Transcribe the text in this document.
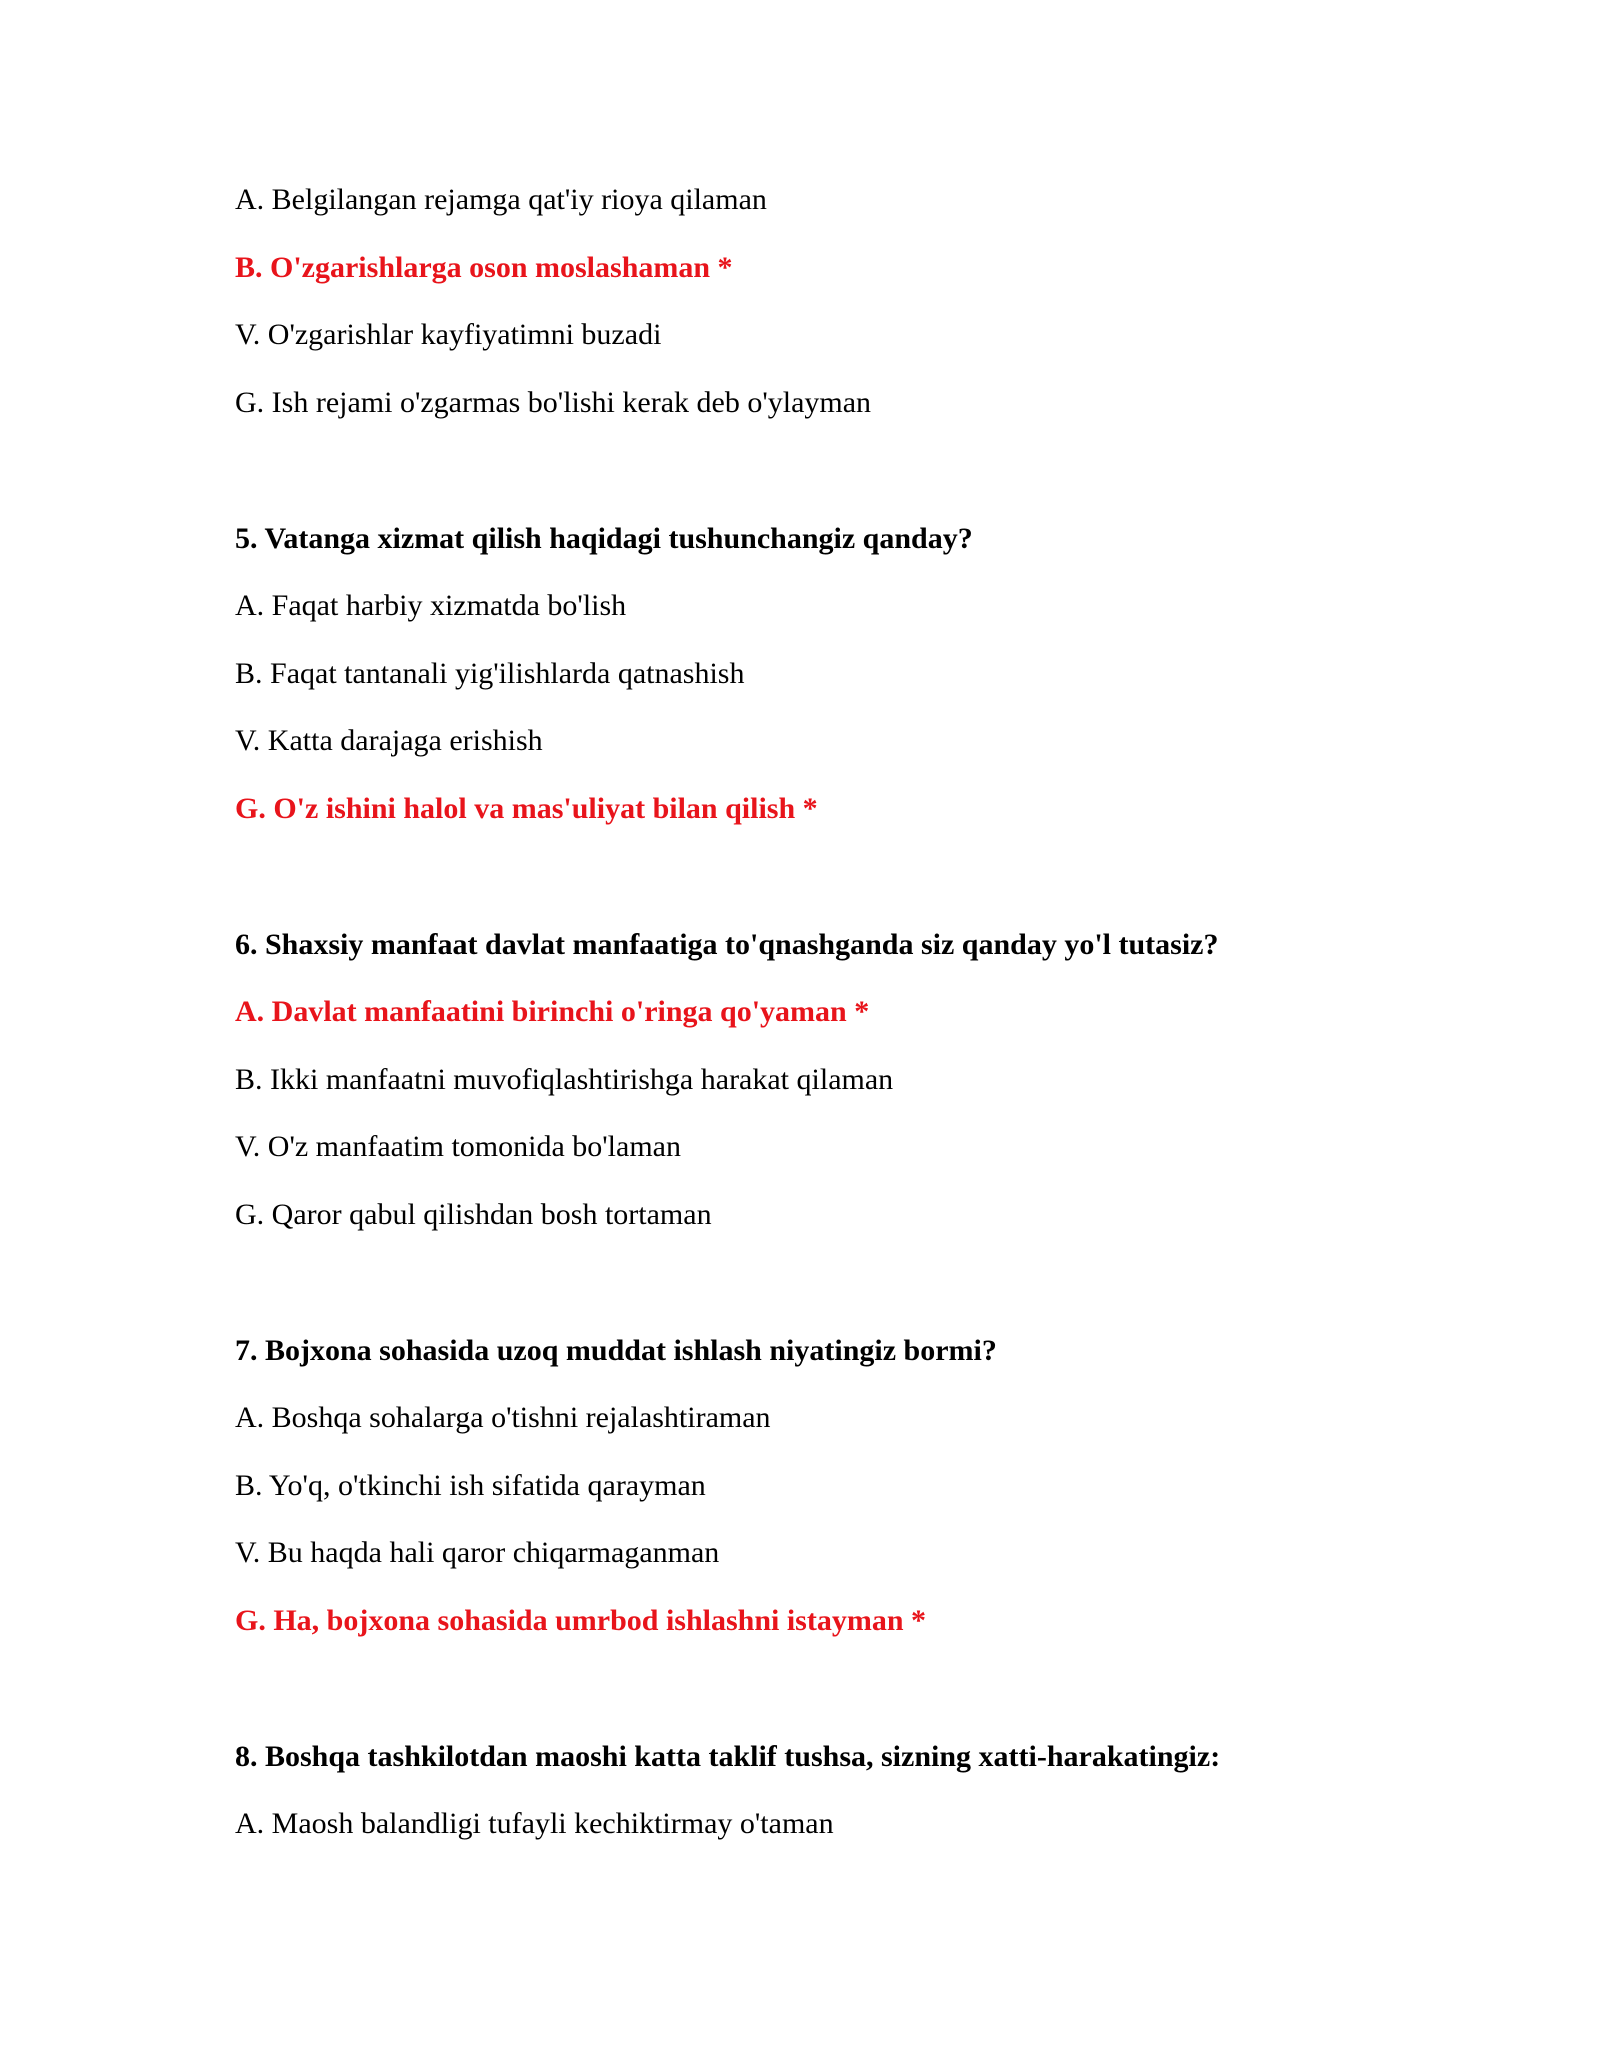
A. Belgilangan rejamga qat'iy rioya qilaman
B. O'zgarishlarga oson moslashaman *
V. O'zgarishlar kayfiyatimni buzadi
G. Ish rejami o'zgarmas bo'lishi kerak deb o'ylayman
5. Vatanga xizmat qilish haqidagi tushunchangiz qanday?
A. Faqat harbiy xizmatda bo'lish
B. Faqat tantanali yig'ilishlarda qatnashish
V. Katta darajaga erishish
G. O'z ishini halol va mas'uliyat bilan qilish *
6. Shaxsiy manfaat davlat manfaatiga to'qnashganda siz qanday yo'l tutasiz?
A. Davlat manfaatini birinchi o'ringa qo'yaman *
B. Ikki manfaatni muvofiqlashtirishga harakat qilaman
V. O'z manfaatim tomonida bo'laman
G. Qaror qabul qilishdan bosh tortaman
7. Bojxona sohasida uzoq muddat ishlash niyatingiz bormi?
A. Boshqa sohalarga o'tishni rejalashtiraman
B. Yo'q, o'tkinchi ish sifatida qarayman
V. Bu haqda hali qaror chiqarmaganman
G. Ha, bojxona sohasida umrbod ishlashni istayman *
8. Boshqa tashkilotdan maoshi katta taklif tushsa, sizning xatti-harakatingiz:
A. Maosh balandligi tufayli kechiktirmay o'taman
